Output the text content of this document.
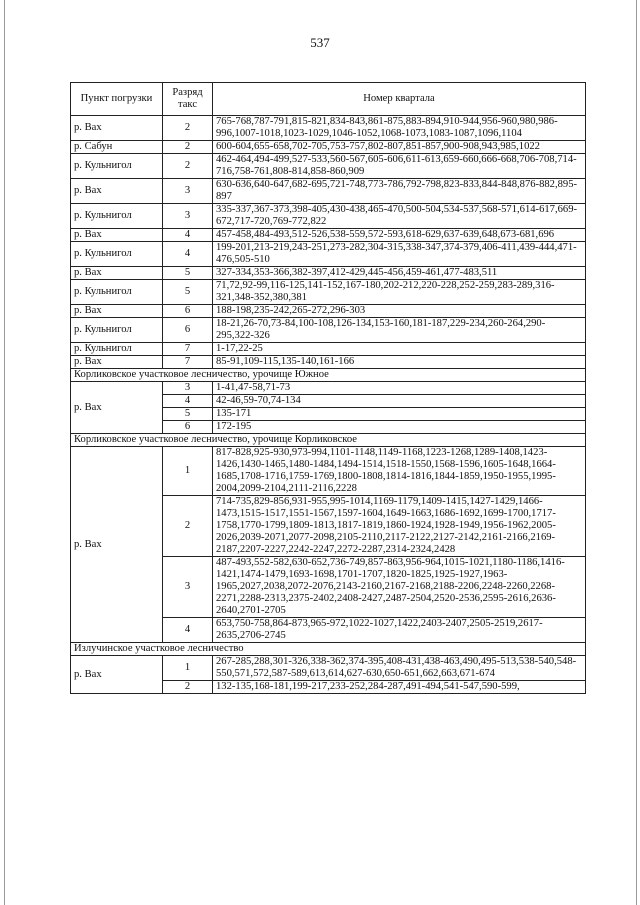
537
Пункт погрузки	Разряд такс	Номер квартала
р. Вах	2	765-768,787-791,815-821,834-843,861-875,883-894,910-944,956-960,980,986-996,1007-1018,1023-1029,1046-1052,1068-1073,1083-1087,1096,1104
р. Сабун	2	600-604,655-658,702-705,753-757,802-807,851-857,900-908,943,985,1022
р. Кульнигол	2	462-464,494-499,527-533,560-567,605-606,611-613,659-660,666-668,706-708,714-716,758-761,808-814,858-860,909
р. Вах	3	630-636,640-647,682-695,721-748,773-786,792-798,823-833,844-848,876-882,895-897
р. Кульнигол	3	335-337,367-373,398-405,430-438,465-470,500-504,534-537,568-571,614-617,669-672,717-720,769-772,822
р. Вах	4	457-458,484-493,512-526,538-559,572-593,618-629,637-639,648,673-681,696
р. Кульнигол	4	199-201,213-219,243-251,273-282,304-315,338-347,374-379,406-411,439-444,471-476,505-510
р. Вах	5	327-334,353-366,382-397,412-429,445-456,459-461,477-483,511
р. Кульнигол	5	71,72,92-99,116-125,141-152,167-180,202-212,220-228,252-259,283-289,316-321,348-352,380,381
р. Вах	6	188-198,235-242,265-272,296-303
р. Кульнигол	6	18-21,26-70,73-84,100-108,126-134,153-160,181-187,229-234,260-264,290-295,322-326
р. Кульнигол	7	1-17,22-25
р. Вах	7	85-91,109-115,135-140,161-166
Корликовское участковое лесничество, урочище Южное		
р. Вах	3	1-41,47-58,71-73
	4	42-46,59-70,74-134
	5	135-171
	6	172-195
Корликовское участковое лесничество, урочище Корликовское		
р. Вах	1	817-828,925-930,973-994,1101-1148,1149-1168,1223-1268,1289-1408,1423-1426,1430-1465,1480-1484,1494-1514,1518-1550,1568-1596,1605-1648,1664-1685,1708-1716,1759-1769,1800-1808,1814-1816,1844-1859,1950-1955,1995-2004,2099-2104,2111-2116,2228
	2	714-735,829-856,931-955,995-1014,1169-1179,1409-1415,1427-1429,1466-1473,1515-1517,1551-1567,1597-1604,1649-1663,1686-1692,1699-1700,1717-1758,1770-1799,1809-1813,1817-1819,1860-1924,1928-1949,1956-1962,2005-2026,2039-2071,2077-2098,2105-2110,2117-2122,2127-2142,2161-2166,2169-2187,2207-2227,2242-2247,2272-2287,2314-2324,2428
	3	487-493,552-582,630-652,736-749,857-863,956-964,1015-1021,1180-1186,1416-1421,1474-1479,1693-1698,1701-1707,1820-1825,1925-1927,1963-1965,2027,2038,2072-2076,2143-2160,2167-2168,2188-2206,2248-2260,2268-2271,2288-2313,2375-2402,2408-2427,2487-2504,2520-2536,2595-2616,2636-2640,2701-2705
	4	653,750-758,864-873,965-972,1022-1027,1422,2403-2407,2505-2519,2617-2635,2706-2745
Излучинское участковое лесничество		
р. Вах	1	267-285,288,301-326,338-362,374-395,408-431,438-463,490,495-513,538-540,548-550,571,572,587-589,613,614,627-630,650-651,662,663,671-674
	2	132-135,168-181,199-217,233-252,284-287,491-494,541-547,590-599,
